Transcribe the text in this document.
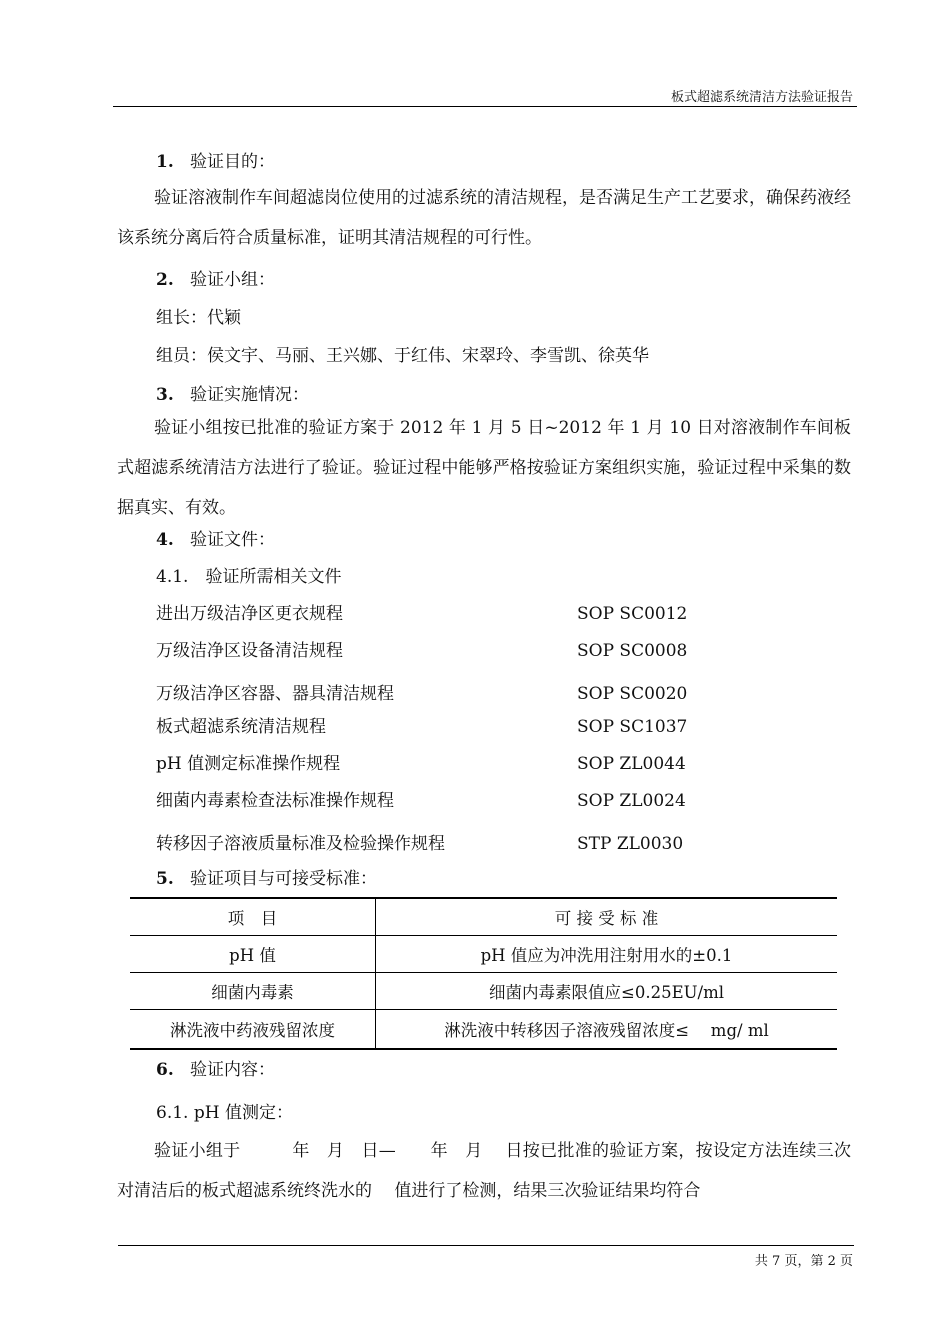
板式超滤系统清洁方法验证报告
1. 验证目的：
验证溶液制作车间超滤岗位使用的过滤系统的清洁规程，是否满足生产工艺要求，确保药液经该系统分离后符合质量标准，证明其清洁规程的可行性。
2. 验证小组：
组长：代颖
组员：侯文宇、马丽、王兴娜、于红伟、宋翠玲、李雪凯、徐英华
3. 验证实施情况：
验证小组按已批准的验证方案于 2012 年 1 月 5 日~2012 年 1 月 10 日对溶液制作车间板式超滤系统清洁方法进行了验证。验证过程中能够严格按验证方案组织实施，验证过程中采集的数据真实、有效。
4. 验证文件：
4.1.　验证所需相关文件
进出万级洁净区更衣规程	SOP SC0012
万级洁净区设备清洁规程	SOP SC0008
万级洁净区容器、器具清洁规程	SOP SC0020
板式超滤系统清洁规程	SOP SC1037
pH 值测定标准操作规程	SOP ZL0044
细菌内毒素检查法标准操作规程	SOP ZL0024
转移因子溶液质量标准及检验操作规程	STP ZL0030
5. 验证项目与可接受标准：
项　目	可 接 受 标 准
pH 值	pH 值应为冲洗用注射用水的±0.1
细菌内毒素	细菌内毒素限值应≤0.25EU/ml
淋洗液中药液残留浓度	淋洗液中转移因子溶液残留浓度≤　 mg/ ml
6. 验证内容：
6.1. pH 值测定：
验证小组于　　　年　月　日—　　年　月　 日按已批准的验证方案，按设定方法连续三次对清洁后的板式超滤系统终洗水的　 值进行了检测，结果三次验证结果均符合
共 7 页，第 2 页
